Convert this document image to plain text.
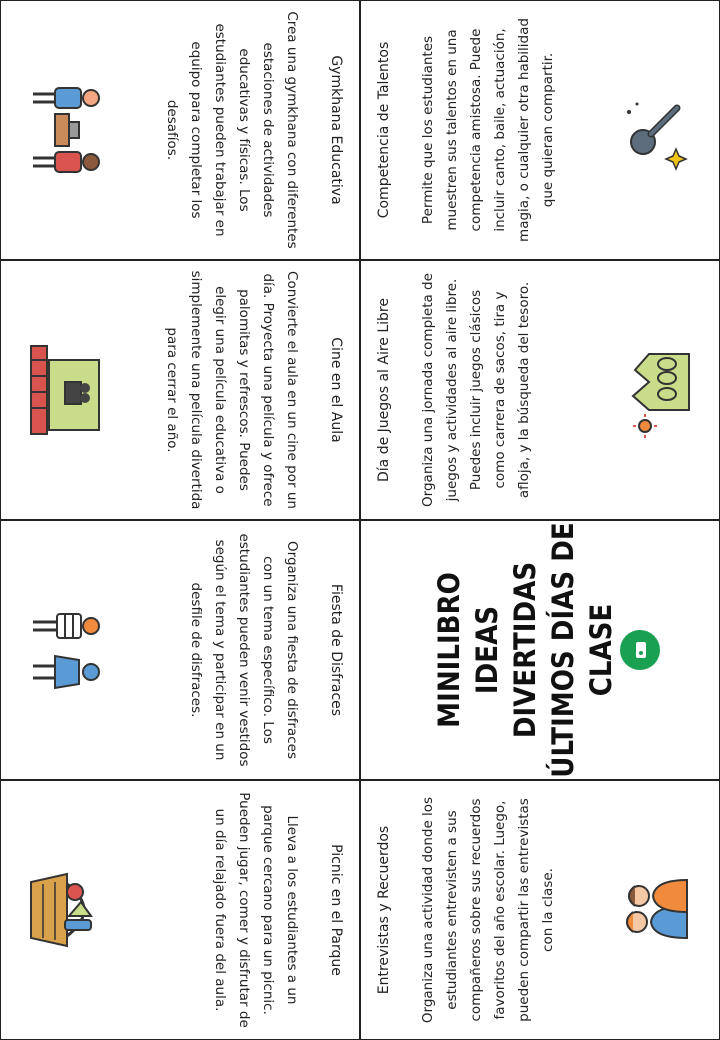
Gymkhana Educativa
Crea una gymkhana con diferentes estaciones de actividades educativas y físicas. Los estudiantes pueden trabajar en equipo para completar los desafíos.	Competencia de Talentos Permite que los estudiantes muestren sus talentos en una competencia amistosa. Puede incluir canto, baile, actuación, magia, o cualquier otra habilidad que quieran compartir.
Cine en el Aula
Convierte el aula en un cine por un día. Proyecta una película y ofrece palomitas y refrescos. Puedes elegir una película educativa o simplemente una película divertida para cerrar el año.	Día de Juegos al Aire Libre Organiza una jornada completa de juegos y actividades al aire libre. Puedes incluir juegos clásicos como carrera de sacos, tira y afloja, y la búsqueda del tesoro.
Fiesta de Disfraces
Organiza una fiesta de disfraces con un tema específico. Los estudiantes pueden venir vestidos según el tema y participar en un desfile de disfraces.	MINILIBRO IDEAS DIVERTIDAS ÚLTIMOS DÍAS DE CLASE
Picnic en el Parque
Lleva a los estudiantes a un parque cercano para un picnic. Pueden jugar, comer y disfrutar de un día relajado fuera del aula.	Entrevistas y Recuerdos Organiza una actividad donde los estudiantes entrevisten a sus compañeros sobre sus recuerdos favoritos del año escolar. Luego, pueden compartir las entrevistas con la clase.
